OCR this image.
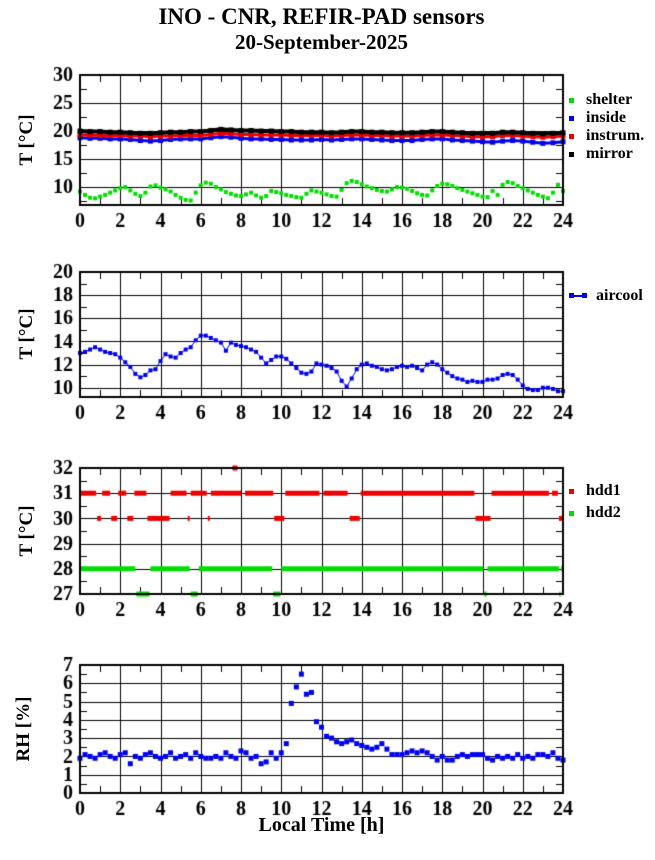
INO - CNR, REFIR-PAD sensors
20-September-2025
T [°C]
T [°C]
T [°C]
RH [%]
shelter
inside
instrum.
mirror
aircool
hdd1
hdd2
Local Time [h]
